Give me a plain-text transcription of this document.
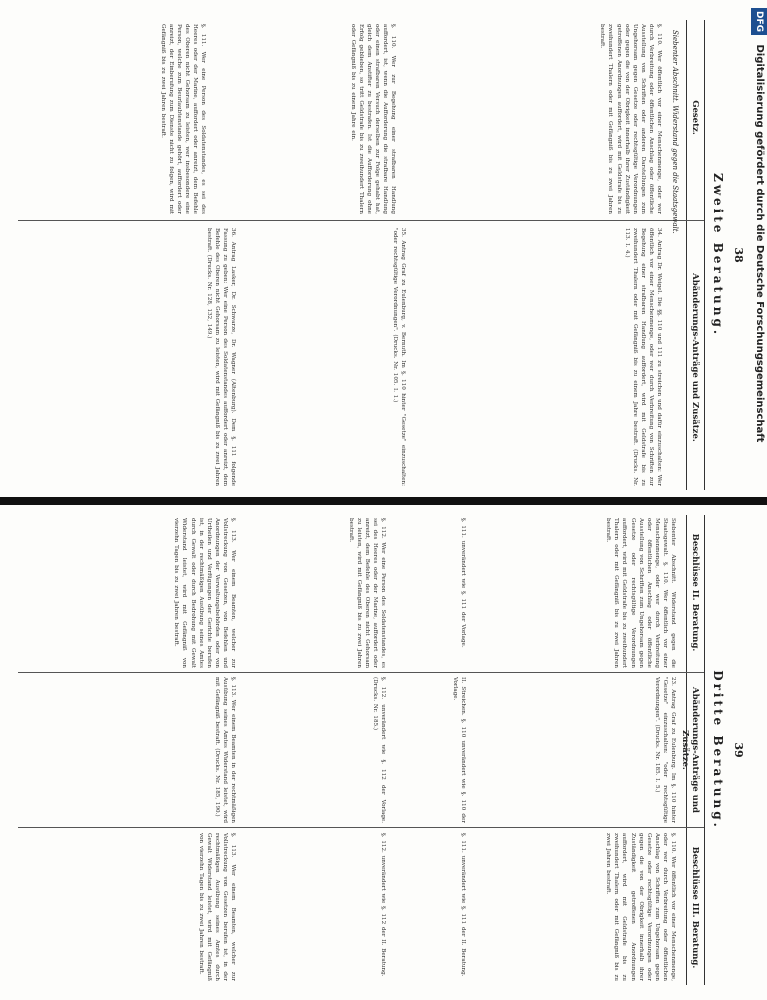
38
Zweite Beratung.
Gesetz.
Abänderungs-Anträge und Zusätze.
Siebenter Abschnitt. Widerstand gegen die Staatsgewalt.

§. 110. Wer öffentlich vor einer Menschenmenge, oder wer durch Verbreitung oder öffentlichen Anschlag oder öffentliche Ausstellung von Schriften oder anderen Darstellungen zum Ungehorsam gegen Gesetze oder rechtsgültige Verordnungen oder gegen die von der Obrigkeit innerhalb ihrer Zuständigkeit getroffenen Anordnungen auffordert, wird mit Geldstrafe bis zu zweihundert Thalern oder mit Gefängniß bis zu zwei Jahren bestraft.

§. 110. Wer zur Begehung einer strafbaren Handlung auffordert, ist, wenn die Aufforderung die strafbare Handlung oder einen strafbaren Versuch derselben zur Folge gehabt hat, gleich dem Anstifter zu bestrafen. Ist die Aufforderung ohne Erfolg geblieben, so tritt Geldstrafe bis zu zweihundert Thalern oder Gefängniß bis zu einem Jahre ein.

§. 111. Wer eine Person des Soldatenstandes, es sei des Heeres oder der Marine, auffordert oder anreizt, dem Befehle des Oberen nicht Gehorsam zu leisten, wer insbesondere eine Person, welche zum Beurlaubtenstande gehört, auffordert oder anreizt, der Einberufung zum Dienste nicht zu folgen, wird mit Gefängniß bis zu zwei Jahren bestraft.

34. Antrag Dr. Weigel. Die §§. 110 und 111 zu streichen und dafür einzuschalten: Wer öffentlich vor einer Menschenmenge, oder wer durch Verbreitung von Schriften zur Begehung einer strafbaren Handlung auffordert, wird mit Geldstrafe bis zu zweihundert Thalern oder mit Gefängniß bis zu einem Jahre bestraft. (Drucks. Nr. 113. I. 4.)

35. Antrag Graf zu Eulenburg, v. Bernuth. Im §. 110 hinter "Gesetze" einzuschalten: "oder rechtsgültige Verordnungen". (Drucks. Nr. 105. I. 1.)

36. Antrag Lasker, Dr. Schwarze, Dr. Wagner (Altenburg). Dem §. 111 folgende Fassung zu geben: Wer eine Person des Soldatenstandes auffordert oder anreizt, dem Befehle des Oberen nicht Gehorsam zu leisten, wird mit Gefängniß bis zu zwei Jahren bestraft. (Drucks. Nr. 128, 132, 149.)

39
Dritte Beratung.
Beschlüsse II. Beratung.
Abänderungs-Anträge und Zusätze.
Beschlüsse III. Beratung.

Siebenter Abschnitt. Widerstand gegen die Staatsgewalt. §. 110. Wer öffentlich vor einer Menschenmenge, oder wer durch Verbreitung oder öffentlichen Anschlag oder öffentliche Ausstellung von Schriften zum Ungehorsam gegen Gesetze oder rechtsgültige Verordnungen auffordert, wird mit Geldstrafe bis zu zweihundert Thalern oder mit Gefängniß bis zu zwei Jahren bestraft.

§. 111. unverändert wie §. 111 der Vorlage.

§. 112. Wer eine Person des Soldatenstandes, es sei des Heeres oder der Marine, auffordert oder anreizt, dem Befehle des Oberen nicht Gehorsam zu leisten, wird mit Gefängniß bis zu zwei Jahren bestraft.

§. 113. Wer einem Beamten, welcher zur Vollstreckung von Gesetzen, von Befehlen und Anordnungen der Verwaltungsbehörden oder von Urtheilen und Verfügungen der Gerichte berufen ist, in der rechtmäßigen Ausübung seines Amtes durch Gewalt oder durch Bedrohung mit Gewalt Widerstand leistet, wird mit Gefängniß von vierzehn Tagen bis zu zwei Jahren bestraft.

23. Antrag Graf zu Eulenburg. Im §. 110 hinter "Gesetze" einzuschalten: "oder rechtsgültige Verordnungen". (Drucks. Nr. 185. I. 5.)

II. Streichen. §. 110 unverändert wie §. 110 der Vorlage.

§. 112. unverändert wie §. 112 der Vorlage. (Drucks. Nr. 185.)

§. 113. Wer einem Beamten in der rechtmäßigen Ausübung seines Amtes Widerstand leistet, wird mit Gefängniß bestraft. (Drucks. Nr. 185, 190.)

§. 110. Wer öffentlich vor einer Menschenmenge, oder wer durch Verbreitung oder öffentlichen Anschlag von Schriften zum Ungehorsam gegen Gesetze oder rechtsgültige Verordnungen oder gegen die von der Obrigkeit innerhalb ihrer Zuständigkeit getroffenen Anordnungen auffordert, wird mit Geldstrafe bis zu zweihundert Thalern oder mit Gefängniß bis zu zwei Jahren bestraft.

§. 111. unverändert wie §. 111 der II. Beratung.

§. 112. unverändert wie §. 112 der II. Beratung.

§. 113. Wer einem Beamten, welcher zur Vollstreckung von Gesetzen berufen ist, in der rechtmäßigen Ausübung seines Amtes durch Gewalt Widerstand leistet, wird mit Gefängniß von vierzehn Tagen bis zu zwei Jahren bestraft.

DFG Digitalisierung gefördert durch die Deutsche Forschungsgemeinschaft
